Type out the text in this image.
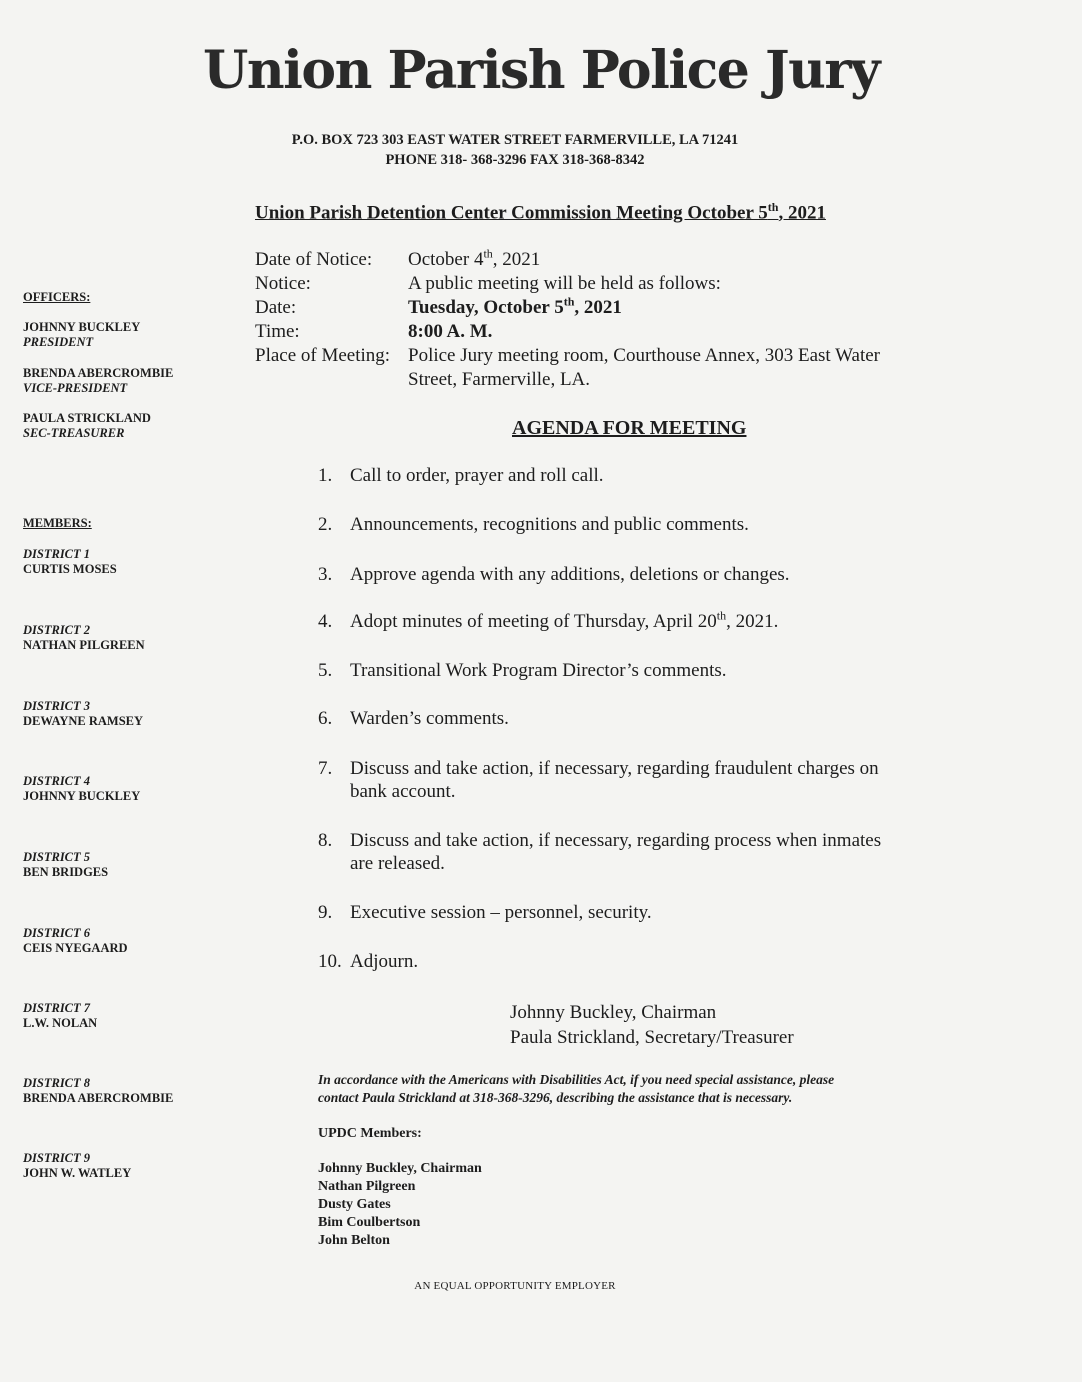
Union Parish Police Jury
P.O. BOX 723 303 EAST WATER STREET FARMERVILLE, LA 71241
PHONE 318- 368-3296 FAX 318-368-8342
Union Parish Detention Center Commission Meeting October 5th, 2021
Date of Notice:	October 4th, 2021
Notice:	A public meeting will be held as follows:
Date:	Tuesday, October 5th, 2021
Time:	8:00 A. M.
Place of Meeting: Police Jury meeting room, Courthouse Annex, 303 East Water
Street, Farmerville, LA.
AGENDA FOR MEETING
1. Call to order, prayer and roll call.
2. Announcements, recognitions and public comments.
3. Approve agenda with any additions, deletions or changes.
4. Adopt minutes of meeting of Thursday, April 20th, 2021.
5. Transitional Work Program Director’s comments.
6. Warden’s comments.
7. Discuss and take action, if necessary, regarding fraudulent charges on
bank account.
8. Discuss and take action, if necessary, regarding process when inmates
are released.
9. Executive session – personnel, security.
10. Adjourn.
OFFICERS:
JOHNNY BUCKLEY
PRESIDENT
BRENDA ABERCROMBIE
VICE-PRESIDENT
PAULA STRICKLAND
SEC-TREASURER
MEMBERS:
DISTRICT 1
CURTIS MOSES
DISTRICT 2
NATHAN PILGREEN
DISTRICT 3
DEWAYNE RAMSEY
DISTRICT 4
JOHNNY BUCKLEY
DISTRICT 5
BEN BRIDGES
DISTRICT 6
CEIS NYEGAARD
DISTRICT 7
L.W. NOLAN
DISTRICT 8
BRENDA ABERCROMBIE
DISTRICT 9
JOHN W. WATLEY
Johnny Buckley, Chairman
Paula Strickland, Secretary/Treasurer
In accordance with the Americans with Disabilities Act, if you need special assistance, please
contact Paula Strickland at 318-368-3296, describing the assistance that is necessary.
UPDC Members:
Johnny Buckley, Chairman
Nathan Pilgreen
Dusty Gates
Bim Coulbertson
John Belton
AN EQUAL OPPORTUNITY EMPLOYER
